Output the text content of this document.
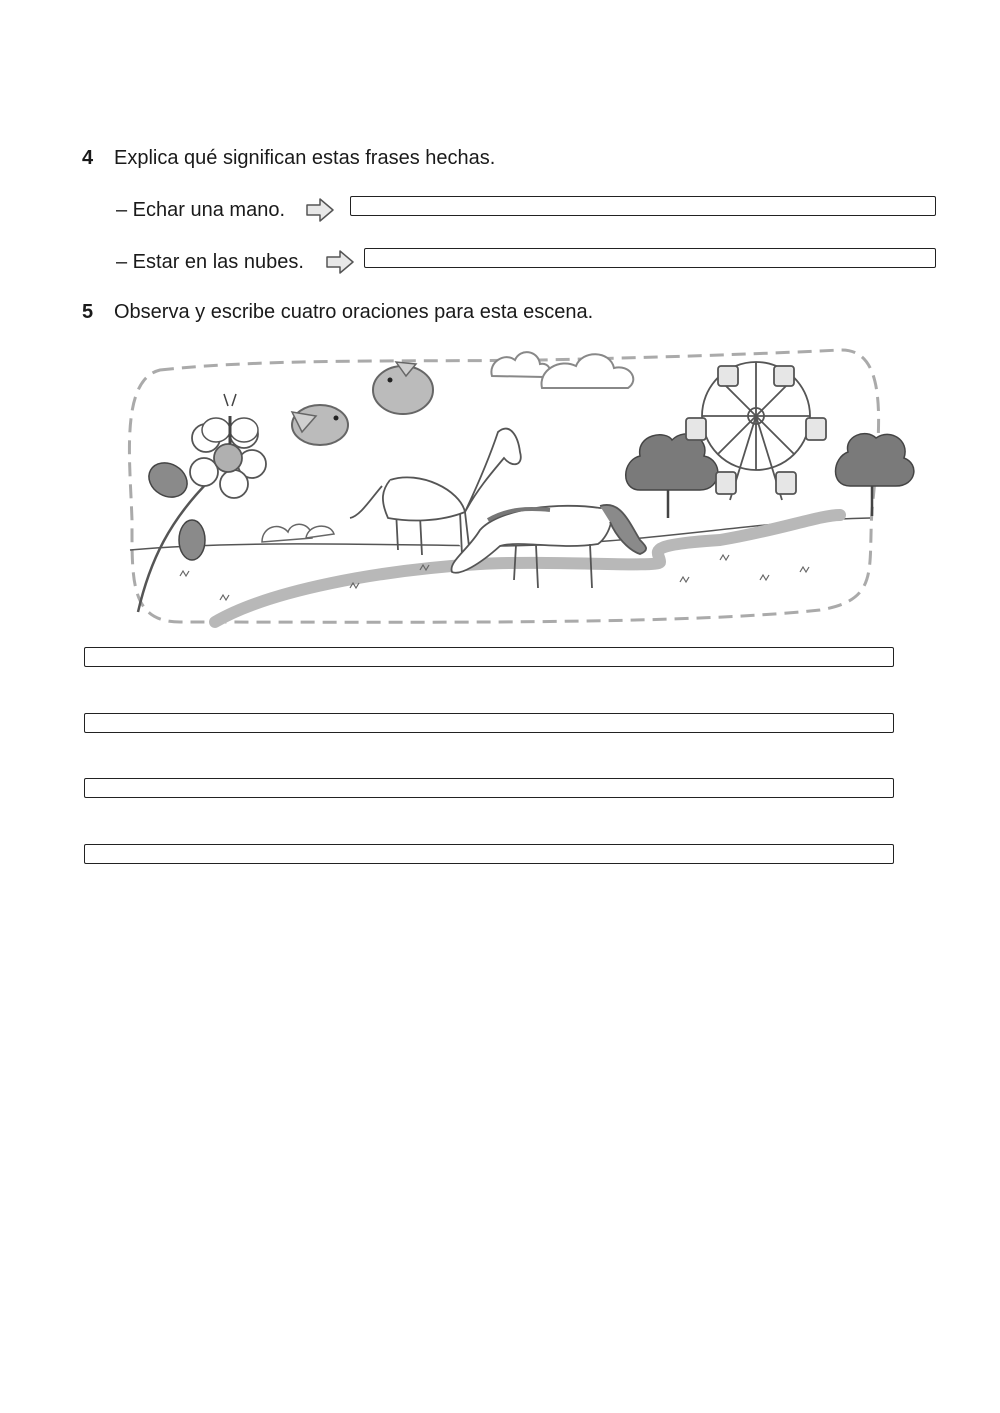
4 Explica qué significan estas frases hechas.
– Echar una mano.
– Estar en las nubes.
5 Observa y escribe cuatro oraciones para esta escena.
